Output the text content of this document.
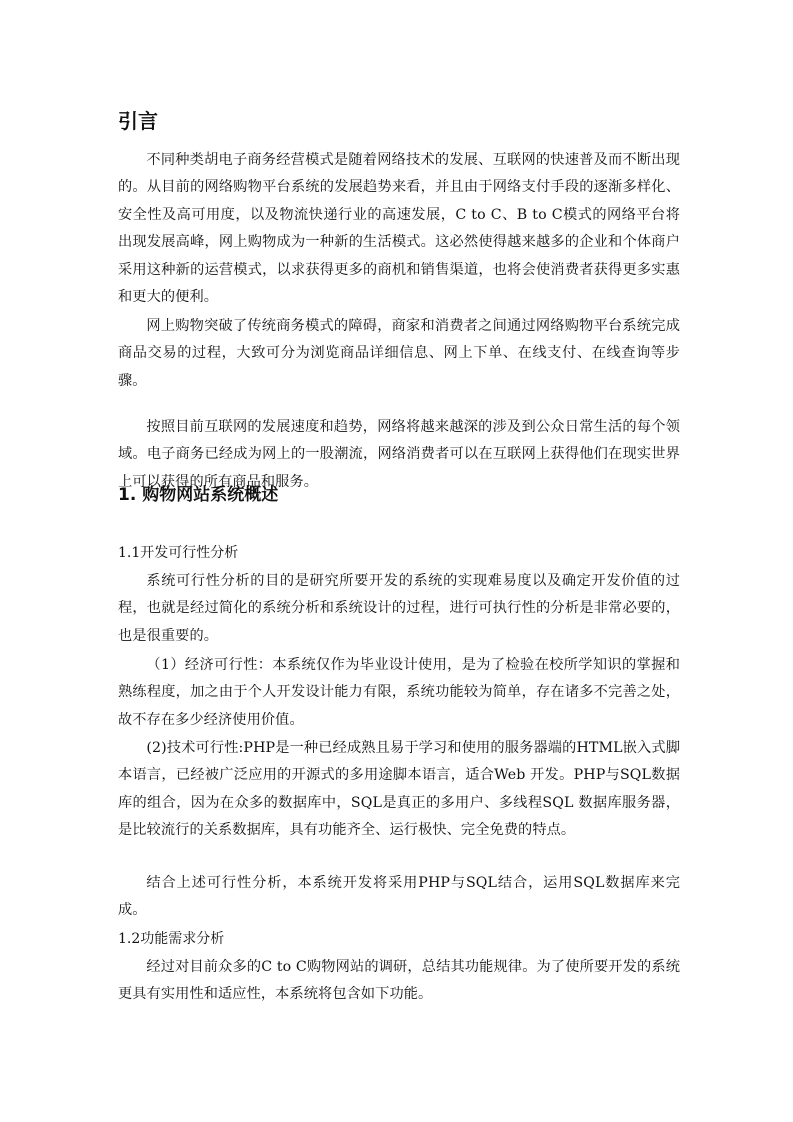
引言

不同种类胡电子商务经营模式是随着网络技术的发展、互联网的快速普及而不断出现的。从目前的网络购物平台系统的发展趋势来看，并且由于网络支付手段的逐渐多样化、安全性及高可用度，以及物流快递行业的高速发展，C to C、B to C模式的网络平台将出现发展高峰，网上购物成为一种新的生活模式。这必然使得越来越多的企业和个体商户采用这种新的运营模式，以求获得更多的商机和销售渠道，也将会使消费者获得更多实惠和更大的便利。

网上购物突破了传统商务模式的障碍，商家和消费者之间通过网络购物平台系统完成商品交易的过程，大致可分为浏览商品详细信息、网上下单、在线支付、在线查询等步骤。

按照目前互联网的发展速度和趋势，网络将越来越深的涉及到公众日常生活的每个领域。电子商务已经成为网上的一股潮流，网络消费者可以在互联网上获得他们在现实世界上可以获得的所有商品和服务。

1. 购物网站系统概述
1.1开发可行性分析

系统可行性分析的目的是研究所要开发的系统的实现难易度以及确定开发价值的过程，也就是经过简化的系统分析和系统设计的过程，进行可执行性的分析是非常必要的，也是很重要的。

（1）经济可行性：本系统仅作为毕业设计使用，是为了检验在校所学知识的掌握和熟练程度，加之由于个人开发设计能力有限，系统功能较为简单，存在诸多不完善之处，故不存在多少经济使用价值。

(2)技术可行性:PHP是一种已经成熟且易于学习和使用的服务器端的HTML嵌入式脚本语言，已经被广泛应用的开源式的多用途脚本语言，适合Web 开发。PHP与SQL数据库的组合，因为在众多的数据库中，SQL是真正的多用户、多线程SQL 数据库服务器，是比较流行的关系数据库，具有功能齐全、运行极快、完全免费的特点。

结合上述可行性分析，本系统开发将采用PHP与SQL结合，运用SQL数据库来完成。

1.2功能需求分析

经过对目前众多的C to C购物网站的调研，总结其功能规律。为了使所要开发的系统更具有实用性和适应性，本系统将包含如下功能。
